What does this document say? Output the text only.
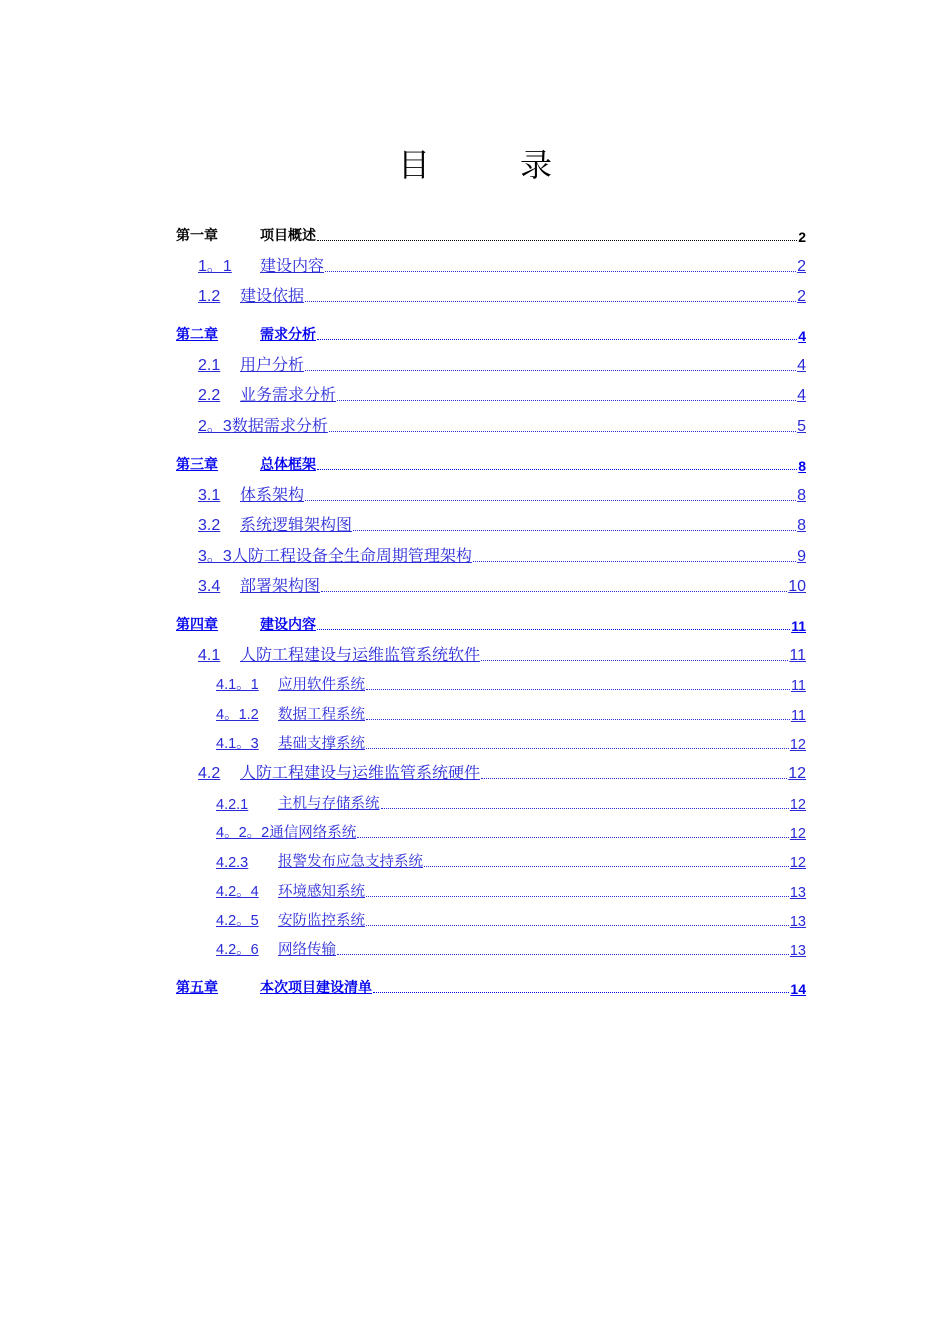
目	录
第一章	项目概述	2
1。1	建设内容	2
1.2	建设依据	2
第二章	需求分析	4
2.1	用户分析	4
2.2	业务需求分析	4
2。3 数据需求分析	5
第三章	总体框架	8
3.1	体系架构	8
3.2	系统逻辑架构图	8
3。3 人防工程设备全生命周期管理架构	9
3.4	部署架构图	10
第四章	建设内容	11
4.1	人防工程建设与运维监管系统软件	11
4.1。1	应用软件系统	11
4。1.2	数据工程系统	11
4.1。3	基础支撑系统	12
4.2	人防工程建设与运维监管系统硬件	12
4.2.1	主机与存储系统	12
4。2。2 通信网络系统	12
4.2.3	报警发布应急支持系统	12
4.2。4	环境感知系统	13
4.2。5	安防监控系统	13
4.2。6	网络传输	13
第五章	本次项目建设清单	14
